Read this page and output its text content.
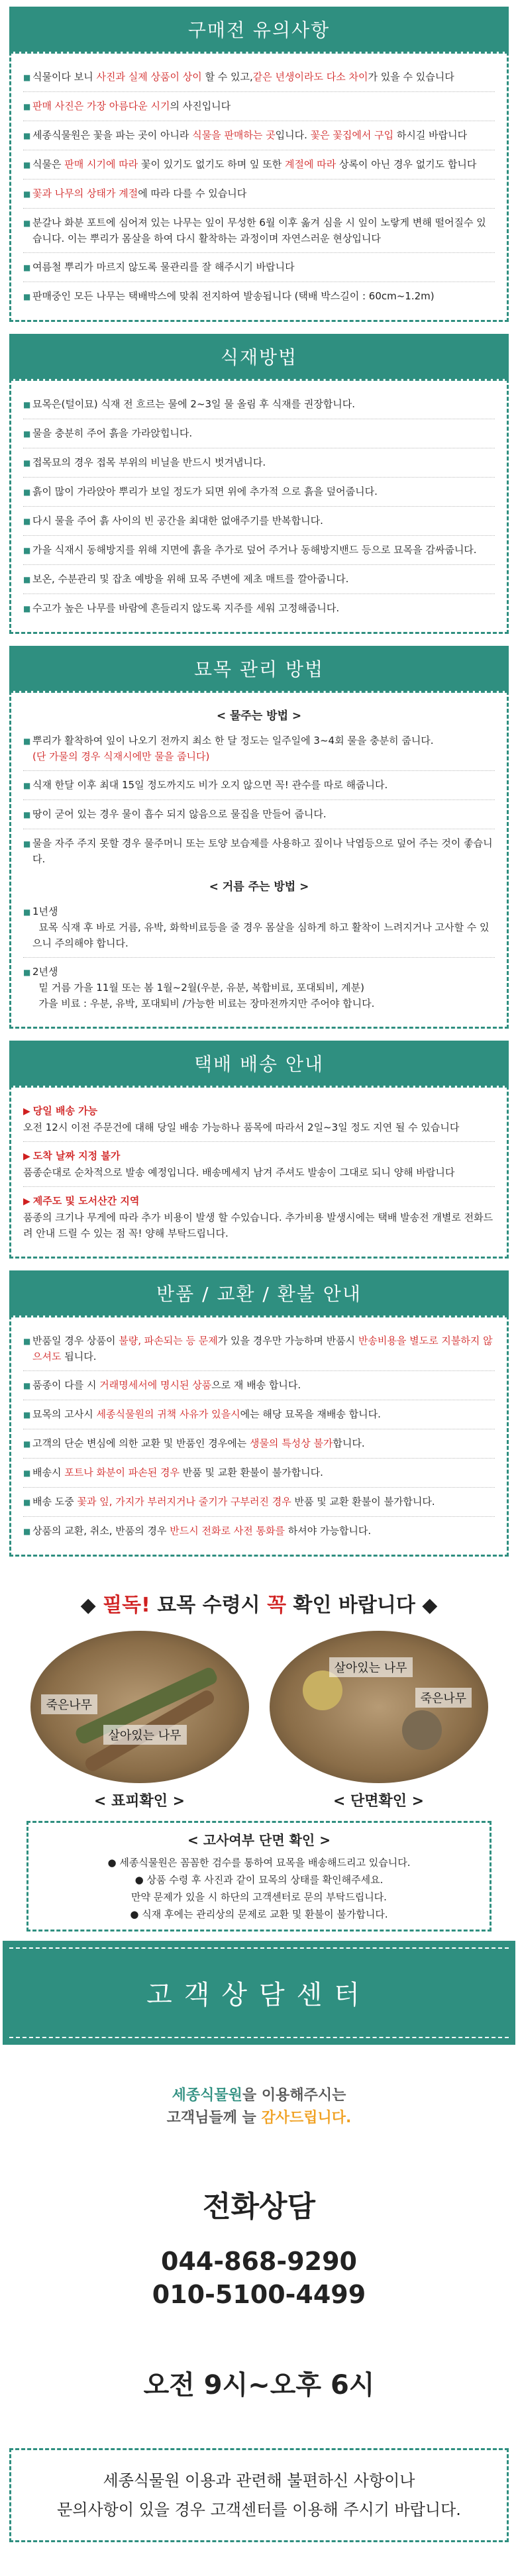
구매전 유의사항
■ 식물이다 보니 사진과 실제 상품이 상이 할 수 있고,같은 년생이라도 다소 차이가 있을 수 있습니다
■ 판매 사진은 가장 아름다운 시기의 사진입니다
■ 세종식물원은 꽃을 파는 곳이 아니라 식물을 판매하는 곳입니다. 꽃은 꽃집에서 구입 하시길 바랍니다
■ 식물은 판매 시기에 따라 꽃이 있기도 없기도 하며 잎 또한 계절에 따라 상록이 아닌 경우 없기도 합니다
■ 꽃과 나무의 상태가 계절에 따라 다를 수 있습니다
■ 분갈나 화분 포트에 심어져 있는 나무는 잎이 무성한 6월 이후 옮겨 심을 시 잎이 노랗게 변해 떨어질수 있습니다. 이는 뿌리가 몸살을 하여 다시 활착하는 과정이며 자연스러운 현상입니다
■ 여름철 뿌리가 마르지 않도록 물관리를 잘 해주시기 바랍니다
■ 판매중인 모든 나무는 택배박스에 맞춰 전지하여 발송됩니다 (택배 박스길이 : 60cm~1.2m)
식재방법
■ 묘목은(털이묘) 식재 전 흐르는 물에 2~3일 물 올림 후 식재를 권장합니다.
■ 물을 충분히 주어 흙을 가라앉힙니다.
■ 접목묘의 경우 접목 부위의 비닐을 반드시 벗겨냅니다.
■ 흙이 많이 가라앉아 뿌리가 보일 정도가 되면 위에 추가적 으로 흙을 덮어줍니다.
■ 다시 물을 주어 흙 사이의 빈 공간을 최대한 없애주기를 반복합니다.
■ 가을 식재시 동해방지를 위해 지면에 흙을 추가로 덮어 주거나 동해방지밴드 등으로 묘목을 감싸줍니다.
■ 보온, 수분관리 및 잡초 예방을 위해 묘목 주변에 제초 매트를 깔아줍니다.
■ 수고가 높은 나무를 바람에 흔들리지 않도록 지주를 세워 고정해줍니다.
묘목 관리 방법
< 물주는 방법 >
■ 뿌리가 활착하여 잎이 나오기 전까지 최소 한 달 정도는 일주일에 3~4회 물을 충분히 줍니다.
(단 가물의 경우 식재시에만 물을 줍니다)
■ 식재 한달 이후 최대 15일 정도까지도 비가 오지 않으면 꼭! 관수를 따로 해줍니다.
■ 땅이 굳어 있는 경우 물이 흡수 되지 않음으로 물집을 만들어 줍니다.
■ 물을 자주 주지 못할 경우 물주머니 또는 토양 보습제를 사용하고 짚이나 낙엽등으로 덮어 주는 것이 좋습니다.
< 거름 주는 방법 >
■ 1년생
묘목 식재 후 바로 거름, 유박, 화학비료등을 줄 경우 몸살을 심하게 하고 활착이 느려지거나 고사할 수 있으니 주의해야 합니다.
■ 2년생
밑 거름 가을 11월 또는 봄 1월~2월(우분, 유분, 복합비료, 포대퇴비, 계분)
가을 비료 : 우분, 유박, 포대퇴비 /가능한 비료는 장마전까지만 주어야 합니다.
택배 배송 안내
▶ 당일 배송 가능
오전 12시 이전 주문건에 대해 당일 배송 가능하나 품목에 따라서 2일~3일 정도 지연 될 수 있습니다
▶ 도착 날짜 지정 불가
품종순대로 순차적으로 발송 예정입니다. 배송메세지 남겨 주셔도 발송이 그대로 되니 양해 바랍니다
▶ 제주도 및 도서산간 지역
품종의 크기나 무게에 따라 추가 비용이 발생 할 수있습니다. 추가비용 발생시에는 택배 발송전 개별로 전화드려 안내 드릴 수 있는 점 꼭! 양해 부탁드립니다.
반품 / 교환 / 환불 안내
■ 반품일 경우 상품이 불량, 파손되는 등 문제가 있을 경우만 가능하며 반품시 반송비용을 별도로 지불하지 않으셔도 됩니다.
■ 품종이 다를 시 거래명세서에 명시된 상품으로 재 배송 합니다.
■ 묘목의 고사시 세종식물원의 귀책 사유가 있을시에는 해당 묘목을 재배송 합니다.
■ 고객의 단순 변심에 의한 교환 및 반품인 경우에는 생물의 특성상 불가합니다.
■ 배송시 포트나 화분이 파손된 경우 반품 및 교환 환불이 불가합니다.
■ 배송 도중 꽃과 잎, 가지가 부러지거나 줄기가 구부러진 경우 반품 및 교환 환불이 불가합니다.
■ 상품의 교환, 취소, 반품의 경우 반드시 전화로 사전 통화를 하셔야 가능합니다.
◆ 필독! 묘목 수령시 꼭 확인 바랍니다 ◆
죽은나무
살아있는 나무
< 표피확인 >
살아있는 나무
죽은나무
< 단면확인 >
< 고사여부 단면 확인 >

● 세종식물원은 꼼꼼한 검수를 통하여 묘목을 배송해드리고 있습니다.

● 상품 수령 후 사진과 같이 묘목의 상태를 확인해주세요.

만약 문제가 있을 시 하단의 고객센터로 문의 부탁드립니다.

● 식재 후에는 관리상의 문제로 교환 및 환불이 불가합니다.

고객상담센터
세종식물원을 이용해주시는
고객님들께 늘 감사드립니다.
전화상담
044-868-9290
010-5100-4499
오전 9시~오후 6시
세종식물원 이용과 관련해 불편하신 사항이나
문의사항이 있을 경우 고객센터를 이용해 주시기 바랍니다.
